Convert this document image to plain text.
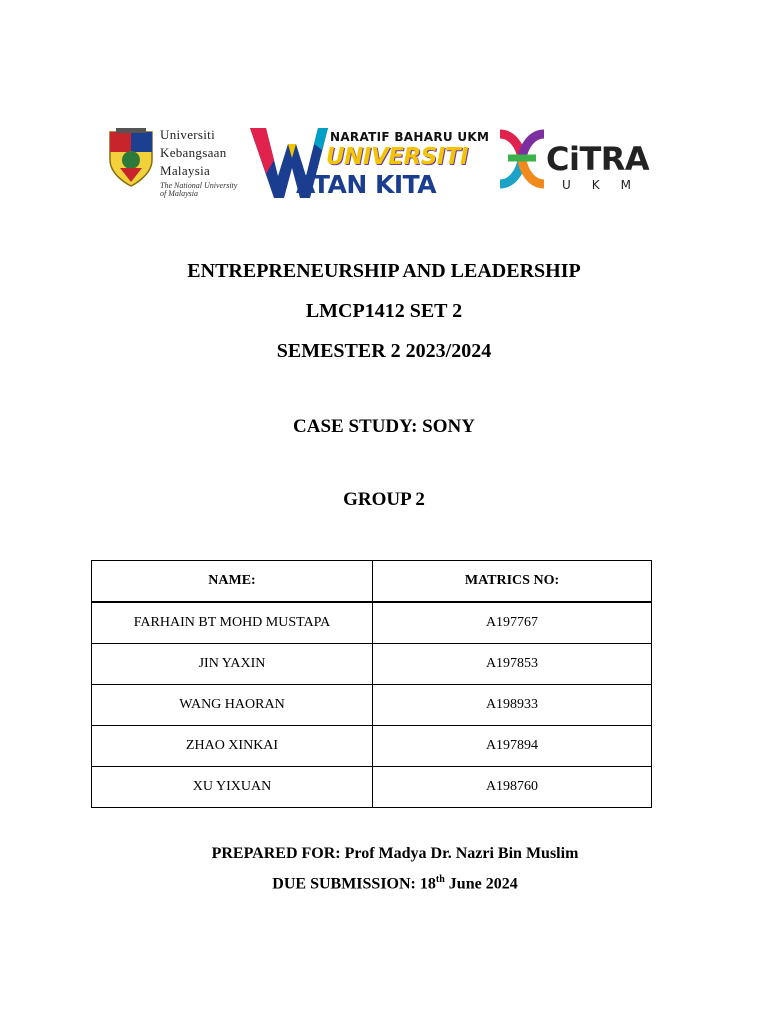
Universiti
Kebangsaan
Malaysia
The National University
of Malaysia
NARATIF BAHARU UKM
UNIVERSITI
ATAN KITA
CiTRA
UKM
ENTREPRENEURSHIP AND LEADERSHIP
LMCP1412 SET 2
SEMESTER 2 2023/2024
CASE STUDY: SONY
GROUP 2
NAME:	MATRICS NO:
FARHAIN BT MOHD MUSTAPA	A197767
JIN YAXIN	A197853
WANG HAORAN	A198933
ZHAO XINKAI	A197894
XU YIXUAN	A198760
PREPARED FOR: Prof Madya Dr. Nazri Bin Muslim
DUE SUBMISSION: 18th June 2024
